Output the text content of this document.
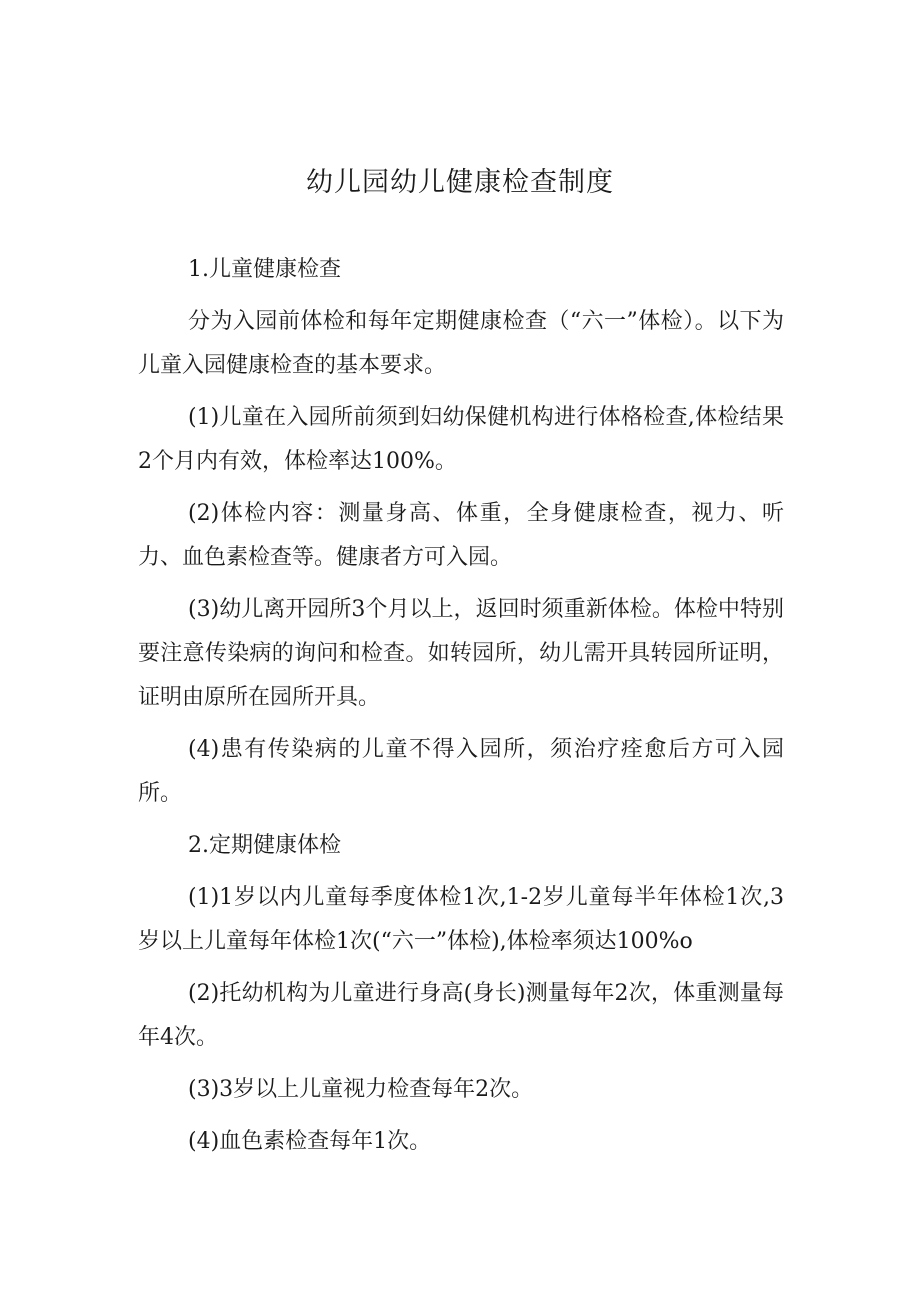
幼儿园幼儿健康检查制度

1.儿童健康检查

分为入园前体检和每年定期健康检查（“六一”体检）。以下为儿童入园健康检查的基本要求。

(1)儿童在入园所前须到妇幼保健机构进行体格检查,体检结果2个月内有效，体检率达100%。

(2)体检内容：测量身高、体重，全身健康检查，视力、听力、血色素检查等。健康者方可入园。

(3)幼儿离开园所3个月以上，返回时须重新体检。体检中特别要注意传染病的询问和检查。如转园所，幼儿需开具转园所证明，证明由原所在园所开具。

(4)患有传染病的儿童不得入园所，须治疗痊愈后方可入园所。

2.定期健康体检

(1)1岁以内儿童每季度体检1次,1-2岁儿童每半年体检1次,3岁以上儿童每年体检1次(“六一”体检),体检率须达100%o

(2)托幼机构为儿童进行身高(身长)测量每年2次，体重测量每年4次。

(3)3岁以上儿童视力检查每年2次。

(4)血色素检查每年1次。
